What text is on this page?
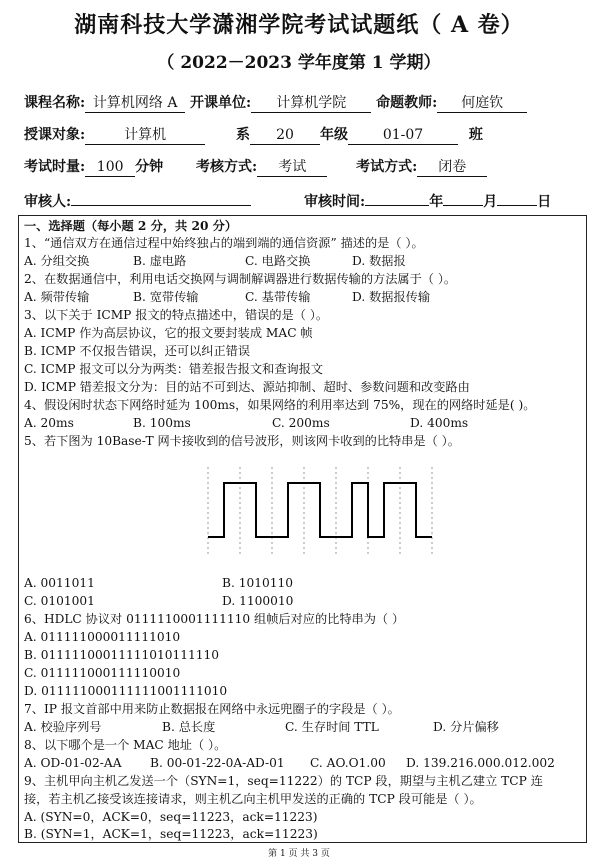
湖南科技大学潇湘学院考试试题纸（ A 卷）
（ 2022－2023 学年度第 1 学期）
课程名称: 计算机网络 A 开课单位: 计算机学院 命题教师: 何庭钦
授课对象:	计算机	系 20 年级 01-07	班
考试时量: 100 分钟 考核方式: 考试	考试方式: 闭卷
审核人:	审核时间:	年	月	日
一、选择题（每小题 2 分，共 20 分）
1、“通信双方在通信过程中始终独占的端到端的通信资源” 描述的是（ ）。
A. 分组交换	B. 虚电路	C. 电路交换	D. 数据报
2、在数据通信中，利用电话交换网与调制解调器进行数据传输的方法属于（ ）。
A. 频带传输	B. 宽带传输	C. 基带传输	D. 数据报传输
3、以下关于 ICMP 报文的特点描述中，错误的是（ ）。
A. ICMP 作为高层协议，它的报文要封装成 MAC 帧
B. ICMP 不仅报告错误，还可以纠正错误
C. ICMP 报文可以分为两类：错差报告报文和查询报文
D. ICMP 错差报文分为：目的站不可到达、源站抑制、超时、参数问题和改变路由
4、假设闲时状态下网络时延为 100ms，如果网络的利用率达到 75%，现在的网络时延是( )。
A. 20ms	B. 100ms	C. 200ms	D. 400ms
5、若下图为 10Base-T 网卡接收到的信号波形，则该网卡收到的比特串是（ ）。
A. 0011011	B. 1010110
C. 0101001	D. 1100010
6、HDLC 协议对 0111110001111110 组帧后对应的比特串为（ ）
A. 011111000011111010
B. 01111100011111010111110
C. 011111000111110010
D. 011111000111111001111010
7、IP 报文首部中用来防止数据报在网络中永远兜圈子的字段是（ ）。
A. 校验序列号	B. 总长度	C. 生存时间 TTL	D. 分片偏移
8、以下哪个是一个 MAC 地址（ ）。
A. OD-01-02-AA B. 00-01-22-0A-AD-01 C. AO.O1.00 D. 139.216.000.012.002
9、主机甲向主机乙发送一个（SYN=1，seq=11222）的 TCP 段，期望与主机乙建立 TCP 连
接，若主机乙接受该连接请求，则主机乙向主机甲发送的正确的 TCP 段可能是（ ）。
A. (SYN=0，ACK=0，seq=11223，ack=11223)
B. (SYN=1，ACK=1，seq=11223，ack=11223)
第 1 页 共 3 页
